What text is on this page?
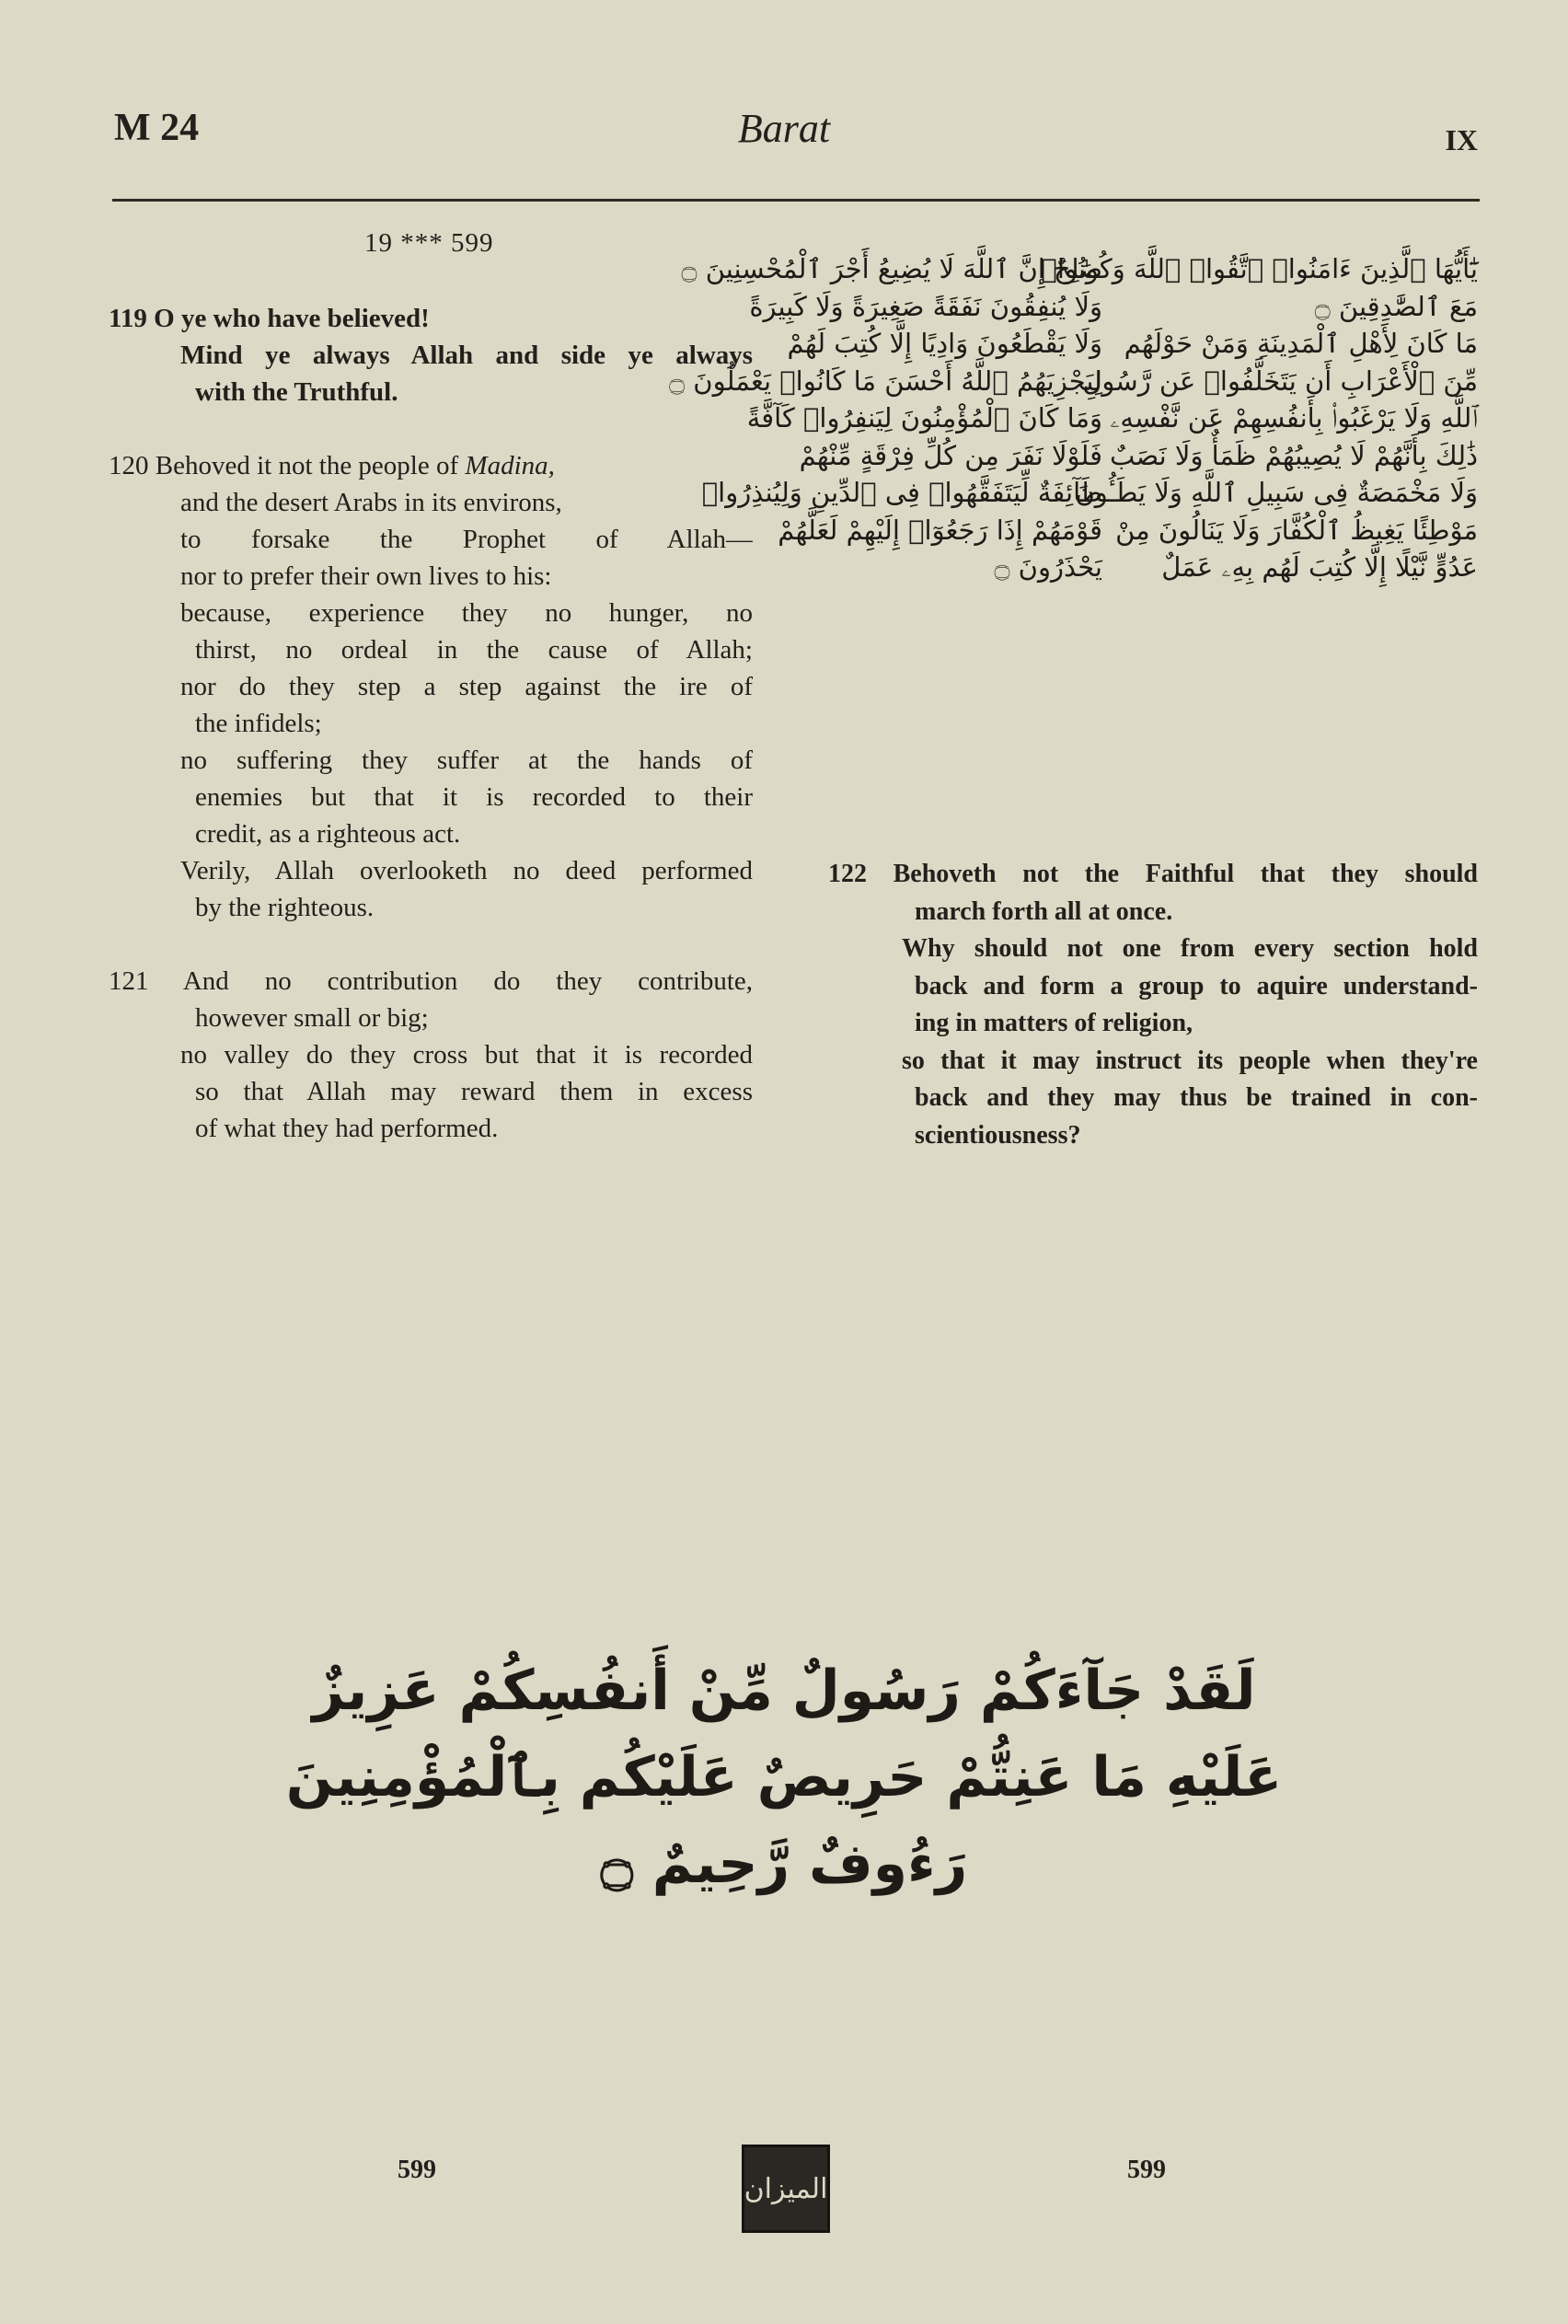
M 24	Barat	IX
19 *** 599
119 O ye who have believed!
Mind ye always Allah and side ye always
with the Truthful.
120 Behoved it not the people of Madina,
and the desert Arabs in its environs,
to forsake the Prophet of Allah—
nor to prefer their own lives to his:
because, experience they no hunger, no
thirst, no ordeal in the cause of Allah;
nor do they step a step against the ire of
the infidels;
no suffering they suffer at the hands of
enemies but that it is recorded to their
credit, as a righteous act.
Verily, Allah overlooketh no deed performed
by the righteous.
121 And no contribution do they contribute,
however small or big;
no valley do they cross but that it is recorded
so that Allah may reward them in excess
of what they had performed.
يَٰٓأَيُّهَا ٱلَّذِينَ ءَامَنُوا۟ ٱتَّقُوا۟ ٱللَّهَ وَكُونُوا۟
مَعَ ٱلصَّٰدِقِينَ ۝
مَا كَانَ لِأَهْلِ ٱلْمَدِينَةِ وَمَنْ حَوْلَهُم
مِّنَ ٱلْأَعْرَابِ أَن يَتَخَلَّفُوا۟ عَن رَّسُولِ
ٱللَّهِ وَلَا يَرْغَبُوا۟ بِأَنفُسِهِمْ عَن نَّفْسِهِۦ
ذَٰلِكَ بِأَنَّهُمْ لَا يُصِيبُهُمْ ظَمَأٌ وَلَا نَصَبٌ
وَلَا مَخْمَصَةٌ فِى سَبِيلِ ٱللَّهِ وَلَا يَطَـُٔونَ
مَوْطِئًا يَغِيظُ ٱلْكُفَّارَ وَلَا يَنَالُونَ مِنْ
عَدُوٍّ نَّيْلًا إِلَّا كُتِبَ لَهُم بِهِۦ عَمَلٌ
صَٰلِحٌ إِنَّ ٱللَّهَ لَا يُضِيعُ أَجْرَ ٱلْمُحْسِنِينَ ۝
وَلَا يُنفِقُونَ نَفَقَةً صَغِيرَةً وَلَا كَبِيرَةً
وَلَا يَقْطَعُونَ وَادِيًا إِلَّا كُتِبَ لَهُمْ
لِيَجْزِيَهُمُ ٱللَّهُ أَحْسَنَ مَا كَانُوا۟ يَعْمَلُونَ ۝
وَمَا كَانَ ٱلْمُؤْمِنُونَ لِيَنفِرُوا۟ كَآفَّةً
فَلَوْلَا نَفَرَ مِن كُلِّ فِرْقَةٍ مِّنْهُمْ
طَآئِفَةٌ لِّيَتَفَقَّهُوا۟ فِى ٱلدِّينِ وَلِيُنذِرُوا۟
قَوْمَهُمْ إِذَا رَجَعُوٓا۟ إِلَيْهِمْ لَعَلَّهُمْ
يَحْذَرُونَ ۝
122 Behoveth not the Faithful that they should
march forth all at once.
Why should not one from every section hold
back and form a group to aquire understand-
ing in matters of religion,
so that it may instruct its people when they're
back and they may thus be trained in con-
scientiousness?
لَقَدْ جَآءَكُمْ رَسُولٌ مِّنْ أَنفُسِكُمْ عَزِيزٌ
عَلَيْهِ مَا عَنِتُّمْ حَرِيصٌ عَلَيْكُم بِٱلْمُؤْمِنِينَ
رَءُوفٌ رَّحِيمٌ ۝
599
الميزان
599
